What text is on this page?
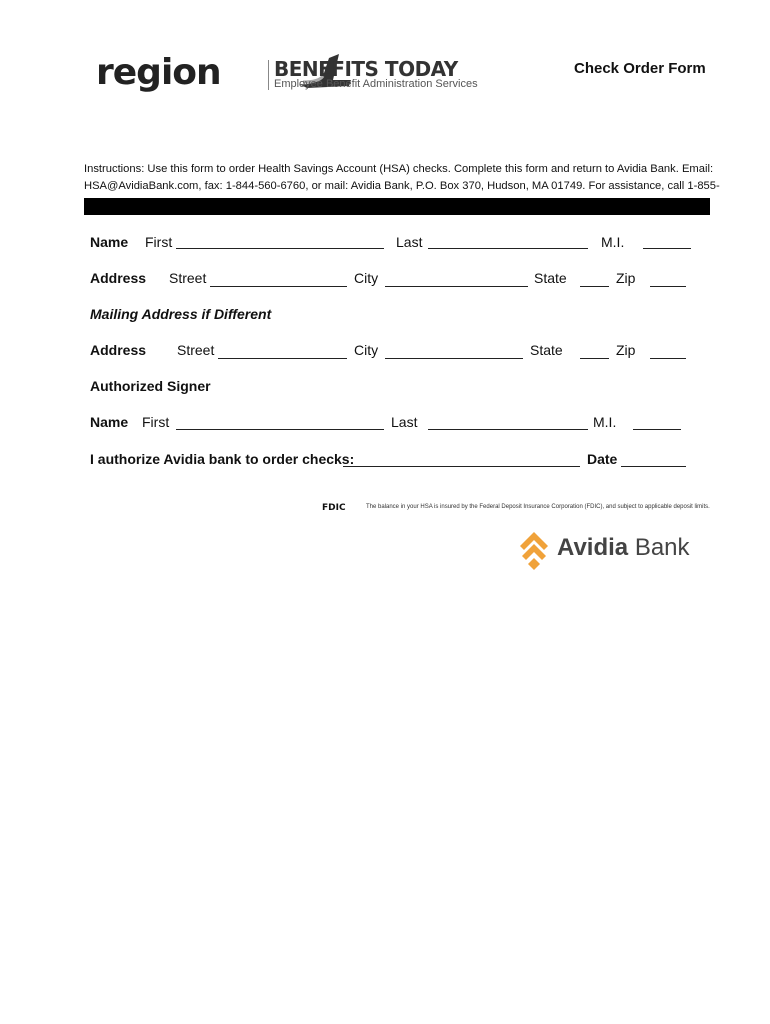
region	BENEFITS TODAY
Employee Benefit Administration Services
Check Order Form
Instructions: Use this form to order Health Savings Account (HSA) checks. Complete this form and return to Avidia Bank. Email: HSA@AvidiaBank.com, fax: 1-844-560-6760, or mail: Avidia Bank, P.O. Box 370, Hudson, MA 01749. For assistance, call 1-855-
Name First	Last	M.I.
Address Street	City	State	Zip
Mailing Address if Different
Address Street	City	State	Zip
Authorized Signer
Name First	Last	M.I.
I authorize Avidia bank to order checks:	Date
FDIC	The balance in your HSA is insured by the Federal Deposit Insurance Corporation (FDIC), and subject to applicable deposit limits.
Avidia Bank
